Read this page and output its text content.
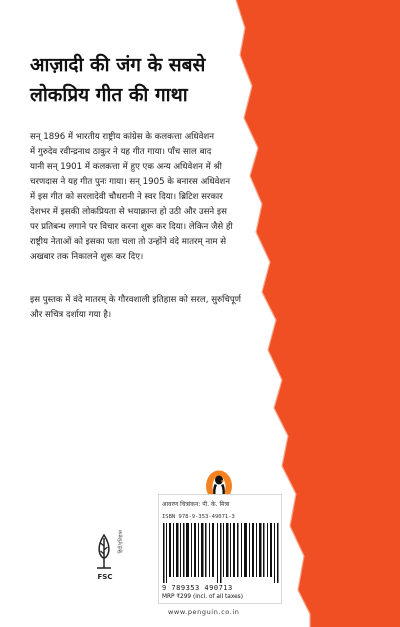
आज़ादी की जंग के सबसे
लोकप्रिय गीत की गाथा
सन् 1896 में भारतीय राष्ट्रीय कांग्रेस के कलकत्ता अधिवेशन
में गुरुदेव रवीन्द्रनाथ ठाकुर ने यह गीत गाया। पाँच साल बाद
यानी सन् 1901 में कलकत्ता में हुए एक अन्य अधिवेशन में श्री
चरणदास ने यह गीत पुनः गाया। सन् 1905 के बनारस अधिवेशन
में इस गीत को सरलादेवी चौधरानी ने स्वर दिया। ब्रिटिश सरकार
देशभर में इसकी लोकप्रियता से भयाक्रान्त हो उठी और उसने इस
पर प्रतिबन्ध लगाने पर विचार करना शुरू कर दिया। लेकिन जैसे ही
राष्ट्रीय नेताओं को इसका पता चला तो उन्होंने वंदे मातरम् नाम से
अखबार तक निकालने शुरू कर दिए।
इस पुस्तक में वंदे मातरम् के गौरवशाली इतिहास को सरल, सुरुचिपूर्ण
और सचित्र दर्शाया गया है।
FSC
हिंदी/इतिहास
आवरण चित्रांकन: पी. के. मित्रा
ISBN 978-9-353-49071-3
9 789353 490713
MRP ₹299 (incl. of all taxes)
www.penguin.co.in
